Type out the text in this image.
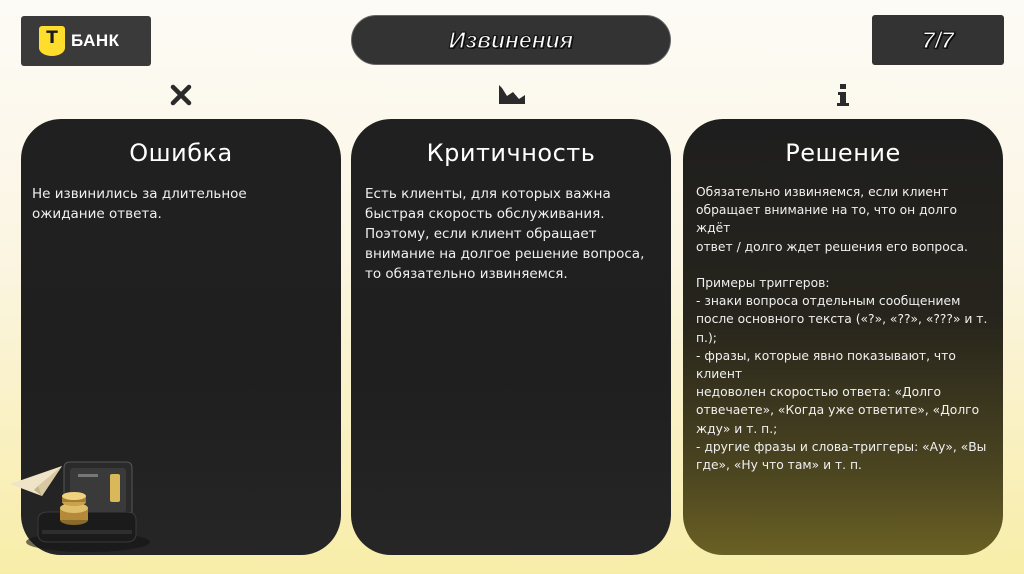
Т БАНК	Извинения	7/7
Ошибка
Не извинились за длительное
ожидание ответа.
Критичность
Есть клиенты, для которых важна
быстрая скорость обслуживания.
Поэтому, если клиент обращает
внимание на долгое решение вопроса,
то обязательно извиняемся.
Решение
Обязательно извиняемся, если клиент
обращает внимание на то, что он долго ждёт
ответ / долго ждет решения его вопроса.

Примеры триггеров:
- знаки вопроса отдельным сообщением
после основного текста («?», «??», «???» и т. п.);
- фразы, которые явно показывают, что клиент
недоволен скоростью ответа: «Долго
отвечаете», «Когда уже ответите», «Долго
жду» и т. п.;
- другие фразы и слова-триггеры: «Ау», «Вы
где», «Ну что там» и т. п.
